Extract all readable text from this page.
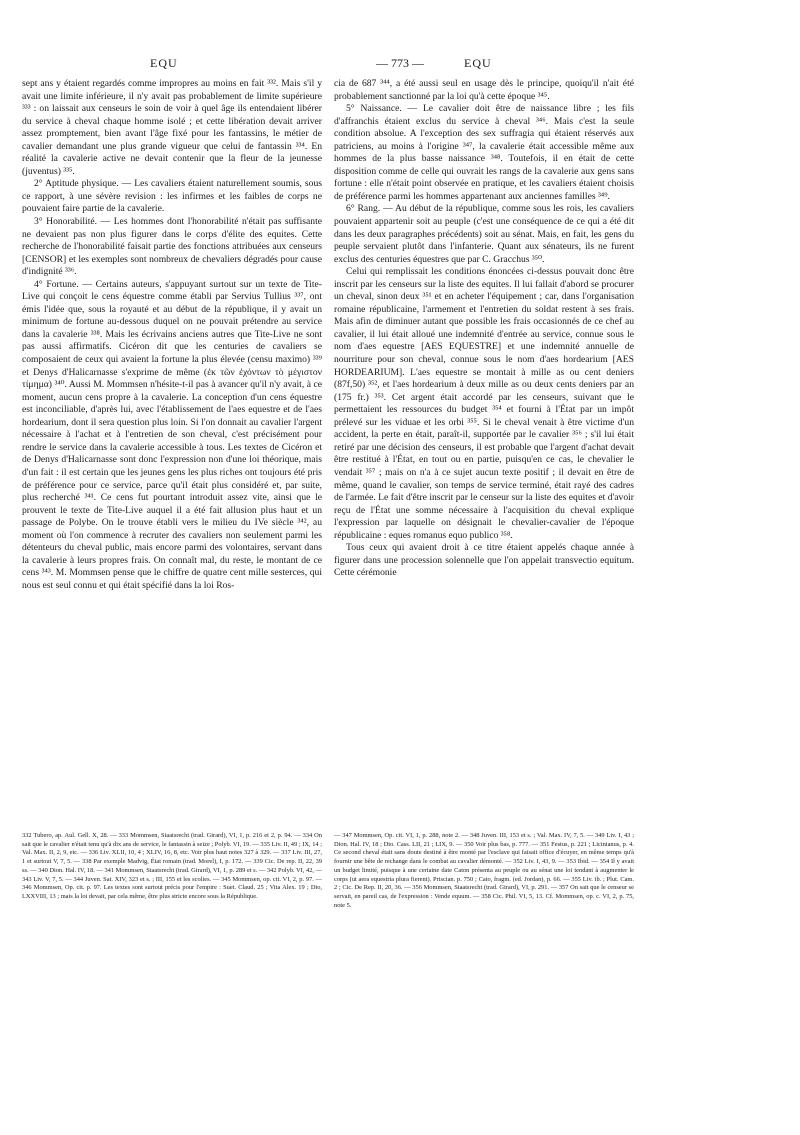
EQU	— 773 —	EQU

sept ans y étaient regardés comme impropres au moins en fait ³³². Mais s'il y avait une limite inférieure, il n'y avait pas probablement de limite supérieure ³³³ : on laissait aux censeurs le soin de voir à quel âge ils entendaient libérer du service à cheval chaque homme isolé ; et cette libération devait arriver assez promptement, bien avant l'âge fixé pour les fantassins, le métier de cavalier demandant une plus grande vigueur que celui de fantassin ³³⁴. En réalité la cavalerie active ne devait contenir que la fleur de la jeunesse (juventus) ³³⁵.

2° Aptitude physique. — Les cavaliers étaient naturellement soumis, sous ce rapport, à une sévère revision : les infirmes et les faibles de corps ne pouvaient faire partie de la cavalerie.

3° Honorabilité. — Les hommes dont l'honorabilité n'était pas suffisante ne devaient pas non plus figurer dans le corps d'élite des equites. Cette recherche de l'honorabilité faisait partie des fonctions attribuées aux censeurs [CENSOR] et les exemples sont nombreux de chevaliers dégradés pour cause d'indignité ³³⁶.

4° Fortune. — Certains auteurs, s'appuyant surtout sur un texte de Tite-Live qui conçoit le cens équestre comme établi par Servius Tullius ³³⁷, ont émis l'idée que, sous la royauté et au début de la république, il y avait un minimum de fortune au-dessous duquel on ne pouvait prétendre au service dans la cavalerie ³³⁸. Mais les écrivains anciens autres que Tite-Live ne sont pas aussi affirmatifs. Cicéron dit que les centuries de cavaliers se composaient de ceux qui avaient la fortune la plus élevée (censu maximo) ³³⁹ et Denys d'Halicarnasse s'exprime de même (ἐκ τῶν ἐχόντων τὸ μέγιστον τίμημα) ³⁴⁰. Aussi M. Mommsen n'hésite-t-il pas à avancer qu'il n'y avait, à ce moment, aucun cens propre à la cavalerie. La conception d'un cens équestre est inconciliable, d'après lui, avec l'établissement de l'aes equestre et de l'aes hordearium, dont il sera question plus loin. Si l'on donnait au cavalier l'argent nécessaire à l'achat et à l'entretien de son cheval, c'est précisément pour rendre le service dans la cavalerie accessible à tous. Les textes de Cicéron et de Denys d'Halicarnasse sont donc l'expression non d'une loi théorique, mais d'un fait : il est certain que les jeunes gens les plus riches ont toujours été pris de préférence pour ce service, parce qu'il était plus considéré et, par suite, plus recherché ³⁴¹. Ce cens fut pourtant introduit assez vite, ainsi que le prouvent le texte de Tite-Live auquel il a été fait allusion plus haut et un passage de Polybe. On le trouve établi vers le milieu du IVe siècle ³⁴², au moment où l'on commence à recruter des cavaliers non seulement parmi les détenteurs du cheval public, mais encore parmi des volontaires, servant dans la cavalerie à leurs propres frais. On connaît mal, du reste, le montant de ce cens ³⁴³. M. Mommsen pense que le chiffre de quatre cent mille sesterces, qui nous est seul connu et qui était spécifié dans la loi Ros-

cia de 687 ³⁴⁴, a été aussi seul en usage dès le principe, quoiqu'il n'ait été probablement sanctionné par la loi qu'à cette époque ³⁴⁵.

5° Naissance. — Le cavalier doit être de naissance libre ; les fils d'affranchis étaient exclus du service à cheval ³⁴⁶. Mais c'est la seule condition absolue. A l'exception des sex suffragia qui étaient réservés aux patriciens, au moins à l'origine ³⁴⁷, la cavalerie était accessible même aux hommes de la plus basse naissance ³⁴⁸. Toutefois, il en était de cette disposition comme de celle qui ouvrait les rangs de la cavalerie aux gens sans fortune : elle n'était point observée en pratique, et les cavaliers étaient choisis de préférence parmi les hommes appartenant aux anciennes familles ³⁴⁹.

6° Rang. — Au début de la république, comme sous les rois, les cavaliers pouvaient appartenir soit au peuple (c'est une conséquence de ce qui a été dit dans les deux paragraphes précédents) soit au sénat. Mais, en fait, les gens du peuple servaient plutôt dans l'infanterie. Quant aux sénateurs, ils ne furent exclus des centuries équestres que par C. Gracchus ³⁵⁰.

Celui qui remplissait les conditions énoncées ci-dessus pouvait donc être inscrit par les censeurs sur la liste des equites. Il lui fallait d'abord se procurer un cheval, sinon deux ³⁵¹ et en acheter l'équipement ; car, dans l'organisation romaine républicaine, l'armement et l'entretien du soldat restent à ses frais. Mais afin de diminuer autant que possible les frais occasionnés de ce chef au cavalier, il lui était alloué une indemnité d'entrée au service, connue sous le nom d'aes equestre [AES EQUESTRE] et une indemnité annuelle de nourriture pour son cheval, connue sous le nom d'aes hordearium [AES HORDEARIUM]. L'aes equestre se montait à mille as ou cent deniers (87f,50) ³⁵², et l'aes hordearium à deux mille as ou deux cents deniers par an (175 fr.) ³⁵³. Cet argent était accordé par les censeurs, suivant que le permettaient les ressources du budget ³⁵⁴ et fourni à l'État par un impôt prélevé sur les viduae et les orbi ³⁵⁵. Si le cheval venait à être victime d'un accident, la perte en était, paraît-il, supportée par le cavalier ³⁵⁶ ; s'il lui était retiré par une décision des censeurs, il est probable que l'argent d'achat devait être restitué à l'État, en tout ou en partie, puisqu'en ce cas, le chevalier le vendait ³⁵⁷ ; mais on n'a à ce sujet aucun texte positif ; il devait en être de même, quand le cavalier, son temps de service terminé, était rayé des cadres de l'armée. Le fait d'être inscrit par le censeur sur la liste des equites et d'avoir reçu de l'État une somme nécessaire à l'acquisition du cheval explique l'expression par laquelle on désignait le chevalier-cavalier de l'époque républicaine : eques romanus equo publico ³⁵⁸.

Tous ceux qui avaient droit à ce titre étaient appelés chaque année à figurer dans une procession solennelle que l'on appelait transvectio equitum. Cette cérémonie

332 Tubero, ap. Aul. Gell. X, 28. — 333 Mommsen, Staatsrecht (trad. Girard), VI, 1, p. 216 et 2, p. 94. — 334 On sait que le cavalier n'était tenu qu'à dix ans de service, le fantassin à seize ; Polyb. VI, 19. — 335 Liv. II, 49 ; IX, 14 ; Val. Max. II, 2, 9, etc. — 336 Liv. XLII, 10, 4 ; XLIV, 16, 8, etc. Voir plus haut notes 327 à 329. — 337 Liv. III, 27, 1 et surtout V, 7, 5. — 338 Par exemple Madvig, État romain (trad. Morel), I, p. 172. — 339 Cic. De rep. II, 22, 39 ss. — 340 Dion. Hal. IV, 18. — 341 Mommsen, Staatsrecht (trad. Girard), VI, 1, p. 289 et s. — 342 Polyb. VI, 42, — 343 Liv. V, 7, 5. — 344 Juven. Sat. XIV, 323 et s. ; III, 155 et les scolies. — 345 Mommsen, op. cit. VI, 2, p. 97. — 346 Mommsen, Op. cit. p. 97. Les textes sont surtout précis pour l'empire : Suet. Claud. 25 ; Vita Alex. 19 ; Dio, LXXVIII, 13 ; mais la loi devait, par cela même, être plus stricte encore sous la République.
— 347 Mommsen, Op. cit. VI, 1, p. 288, note 2. — 348 Juven. III, 153 et s. ; Val. Max. IV, 7, 5. — 349 Liv. I, 43 ; Dion. Hal. IV, 18 ; Dio. Cass. LII, 21 ; LIX, 9. — 350 Voir plus bas, p. 777. — 351 Festus, p. 221 ; Licinianus, p. 4. Ce second cheval était sans doute destiné à être monté par l'esclave qui faisait office d'écuyer, en même temps qu'à fournir une bête de rechange dans le combat au cavalier démonté. — 352 Liv. I, 43, 9. — 353 Ibid. — 354 Il y avait un budget limité, puisque à une certaine date Caton présenta au peuple ou au sénat une loi tendant à augmenter le corps (ut aera equestria plura fierent). Priscian. p. 750 ; Cato, fragm. (ed. Jordan), p. 66. — 355 Liv. ib. ; Plut. Cam. 2 ; Cic. De Rep. II, 20, 36. — 356 Mommsen, Staatsrecht (trad. Girard), VI, p. 291. — 357 On sait que le censeur se servait, en pareil cas, de l'expression : Vende equum. — 358 Cic. Phil. VI, 5, 13. Cf. Mommsen, op. c. VI, 2, p. 75, note 5.
